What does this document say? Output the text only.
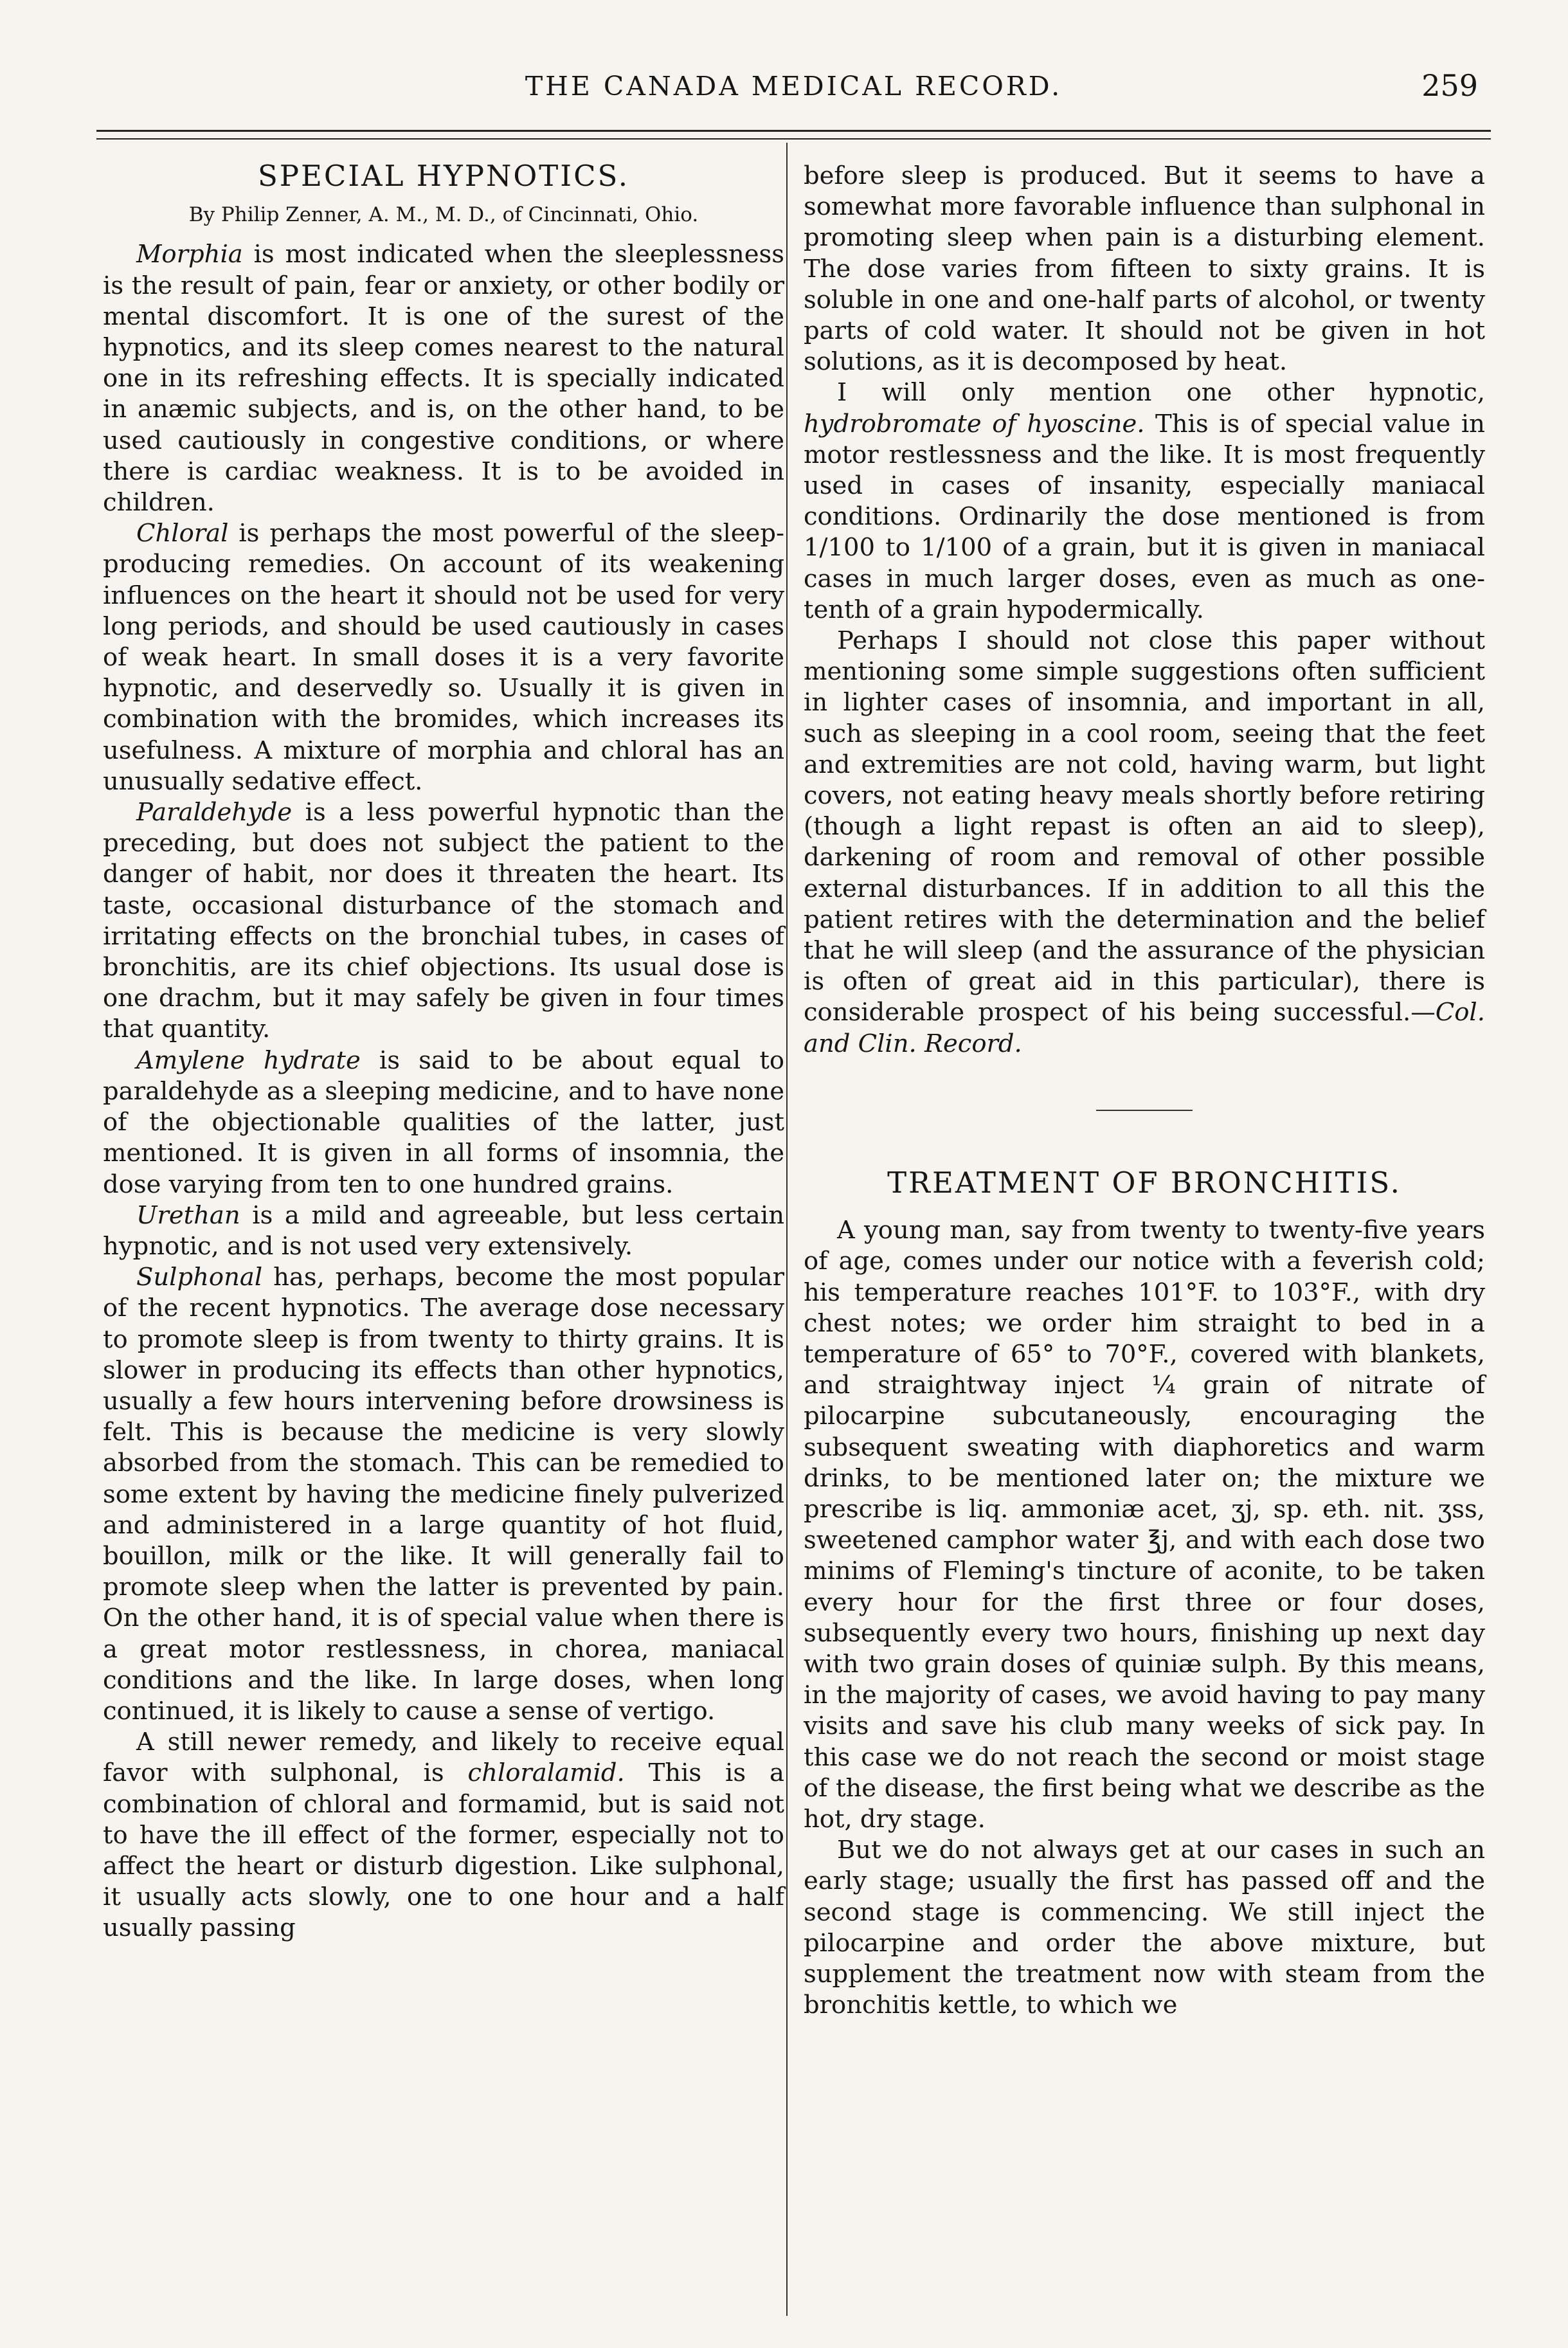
THE CANADA MEDICAL RECORD.	259
SPECIAL HYPNOTICS.
By Philip Zenner, A. M., M. D., of Cincinnati, Ohio.

Morphia is most indicated when the sleeplessness is the result of pain, fear or anxiety, or other bodily or mental discomfort. It is one of the surest of the hypnotics, and its sleep comes nearest to the natural one in its refreshing effects. It is specially indicated in anæmic subjects, and is, on the other hand, to be used cautiously in congestive conditions, or where there is cardiac weakness. It is to be avoided in children.

Chloral is perhaps the most powerful of the sleep-producing remedies. On account of its weakening influences on the heart it should not be used for very long periods, and should be used cautiously in cases of weak heart. In small doses it is a very favorite hypnotic, and deservedly so. Usually it is given in combination with the bromides, which increases its usefulness. A mixture of morphia and chloral has an unusually sedative effect.

Paraldehyde is a less powerful hypnotic than the preceding, but does not subject the patient to the danger of habit, nor does it threaten the heart. Its taste, occasional disturbance of the stomach and irritating effects on the bronchial tubes, in cases of bronchitis, are its chief objections. Its usual dose is one drachm, but it may safely be given in four times that quantity.

Amylene hydrate is said to be about equal to paraldehyde as a sleeping medicine, and to have none of the objectionable qualities of the latter, just mentioned. It is given in all forms of insomnia, the dose varying from ten to one hundred grains.

Urethan is a mild and agreeable, but less certain hypnotic, and is not used very extensively.

Sulphonal has, perhaps, become the most popular of the recent hypnotics. The average dose necessary to promote sleep is from twenty to thirty grains. It is slower in producing its effects than other hypnotics, usually a few hours intervening before drowsiness is felt. This is because the medicine is very slowly absorbed from the stomach. This can be remedied to some extent by having the medicine finely pulverized and administered in a large quantity of hot fluid, bouillon, milk or the like. It will generally fail to promote sleep when the latter is prevented by pain. On the other hand, it is of special value when there is a great motor restlessness, in chorea, maniacal conditions and the like. In large doses, when long continued, it is likely to cause a sense of vertigo.

A still newer remedy, and likely to receive equal favor with sulphonal, is chloralamid. This is a combination of chloral and formamid, but is said not to have the ill effect of the former, especially not to affect the heart or disturb digestion. Like sulphonal, it usually acts slowly, one to one hour and a half usually passing

before sleep is produced. But it seems to have a somewhat more favorable influence than sulphonal in promoting sleep when pain is a disturbing element. The dose varies from fifteen to sixty grains. It is soluble in one and one-half parts of alcohol, or twenty parts of cold water. It should not be given in hot solutions, as it is decomposed by heat.

I will only mention one other hypnotic, hydrobromate of hyoscine. This is of special value in motor restlessness and the like. It is most frequently used in cases of insanity, especially maniacal conditions. Ordinarily the dose mentioned is from 1/100 to 1/100 of a grain, but it is given in maniacal cases in much larger doses, even as much as one-tenth of a grain hypodermically.

Perhaps I should not close this paper without mentioning some simple suggestions often sufficient in lighter cases of insomnia, and important in all, such as sleeping in a cool room, seeing that the feet and extremities are not cold, having warm, but light covers, not eating heavy meals shortly before retiring (though a light repast is often an aid to sleep), darkening of room and removal of other possible external disturbances. If in addition to all this the patient retires with the determination and the belief that he will sleep (and the assurance of the physician is often of great aid in this particular), there is considerable prospect of his being successful.—Col. and Clin. Record.

TREATMENT OF BRONCHITIS.

A young man, say from twenty to twenty-five years of age, comes under our notice with a feverish cold; his temperature reaches 101°F. to 103°F., with dry chest notes; we order him straight to bed in a temperature of 65° to 70°F., covered with blankets, and straightway inject ¼ grain of nitrate of pilocarpine subcutaneously, encouraging the subsequent sweating with diaphoretics and warm drinks, to be mentioned later on; the mixture we prescribe is liq. ammoniæ acet, ʒj, sp. eth. nit. ʒss, sweetened camphor water ℥j, and with each dose two minims of Fleming's tincture of aconite, to be taken every hour for the first three or four doses, subsequently every two hours, finishing up next day with two grain doses of quiniæ sulph. By this means, in the majority of cases, we avoid having to pay many visits and save his club many weeks of sick pay. In this case we do not reach the second or moist stage of the disease, the first being what we describe as the hot, dry stage.

But we do not always get at our cases in such an early stage; usually the first has passed off and the second stage is commencing. We still inject the pilocarpine and order the above mixture, but supplement the treatment now with steam from the bronchitis kettle, to which we
